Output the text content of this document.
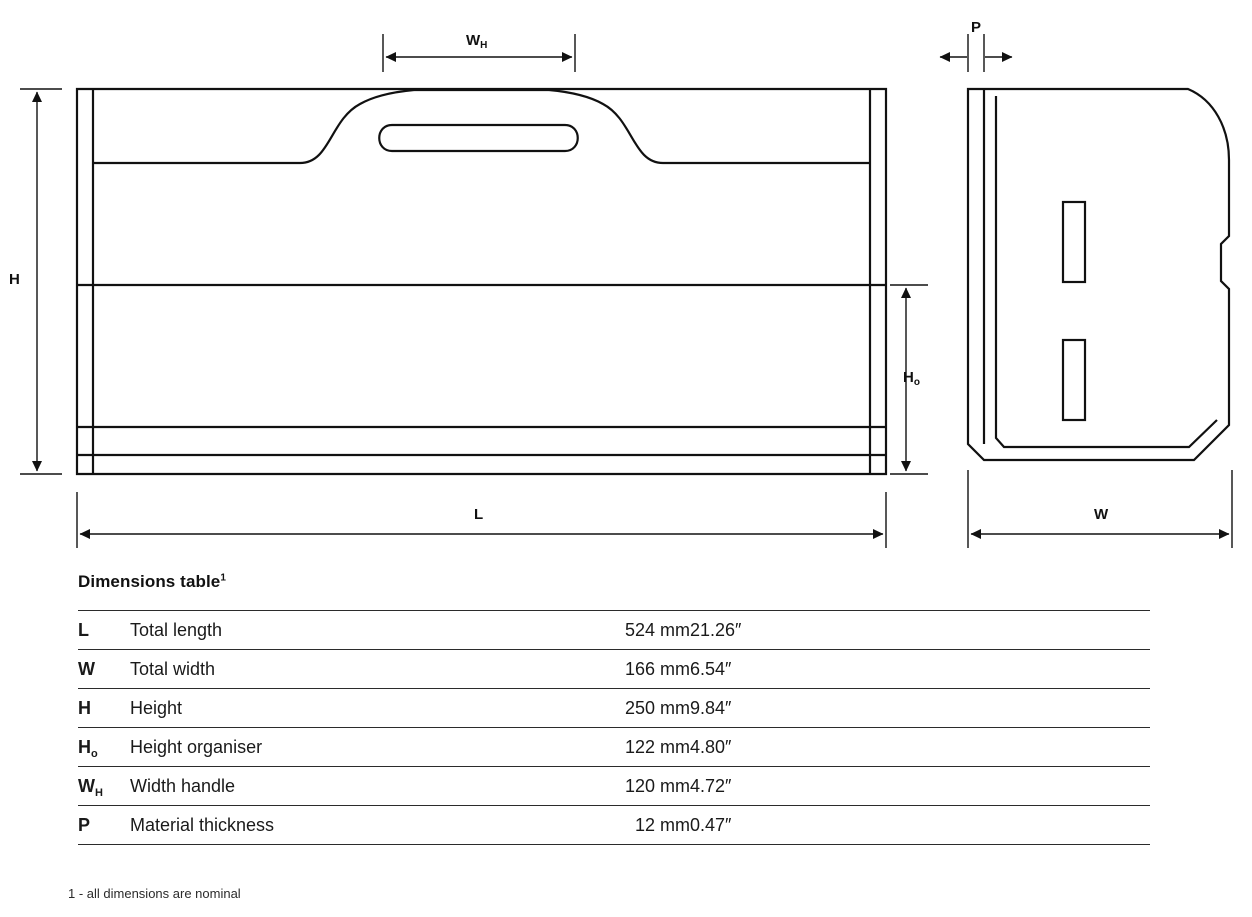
$W_H$
H
$H_o$
L	W
P
Dimensions table$^1$
L	Total length	524 mm	21.26″
W	Total width	166 mm	6.54″
H	Height	250 mm	9.84″
$H_o$	Height organiser	122 mm	4.80″
$W_H$	Width handle	120 mm	4.72″
P	Material thickness	12 mm	0.47″
1 - all dimensions are nominal
